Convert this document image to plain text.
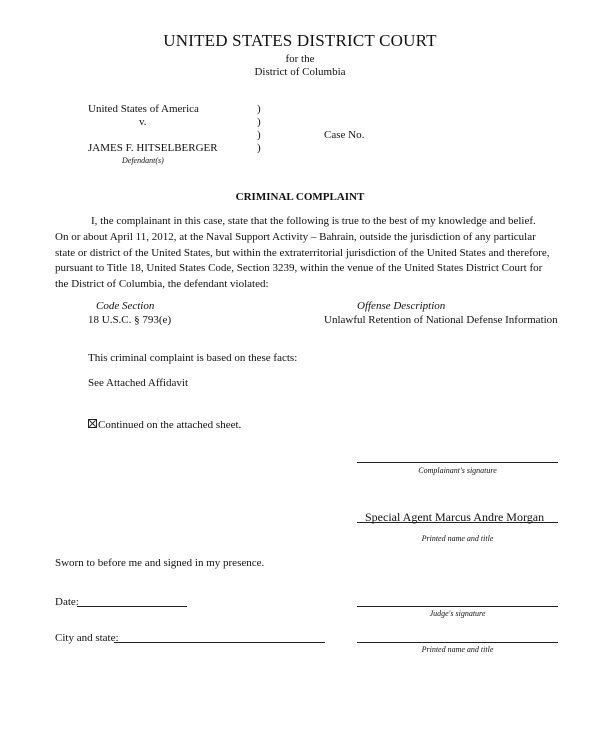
UNITED STATES DISTRICT COURT
for the
District of Columbia
United States of America
v.
JAMES F. HITSELBERGER
Defendant(s)
)
)
)
)
Case No.
CRIMINAL COMPLAINT
I, the complainant in this case, state that the following is true to the best of my knowledge and belief.
On or about April 11, 2012, at the Naval Support Activity – Bahrain, outside the jurisdiction of any particular state or district of the United States, but within the extraterritorial jurisdiction of the United States and therefore, pursuant to Title 18, United States Code, Section 3239, within the venue of the United States District Court for the District of Columbia, the defendant violated:
Code Section	Offense Description
18 U.S.C. § 793(e)	Unlawful Retention of National Defense Information
This criminal complaint is based on these facts:
See Attached Affidavit
Continued on the attached sheet.
Complainant's signature
Special Agent Marcus Andre Morgan
Printed name and title
Sworn to before me and signed in my presence.
Date:
Judge's signature
City and state:
Printed name and title
